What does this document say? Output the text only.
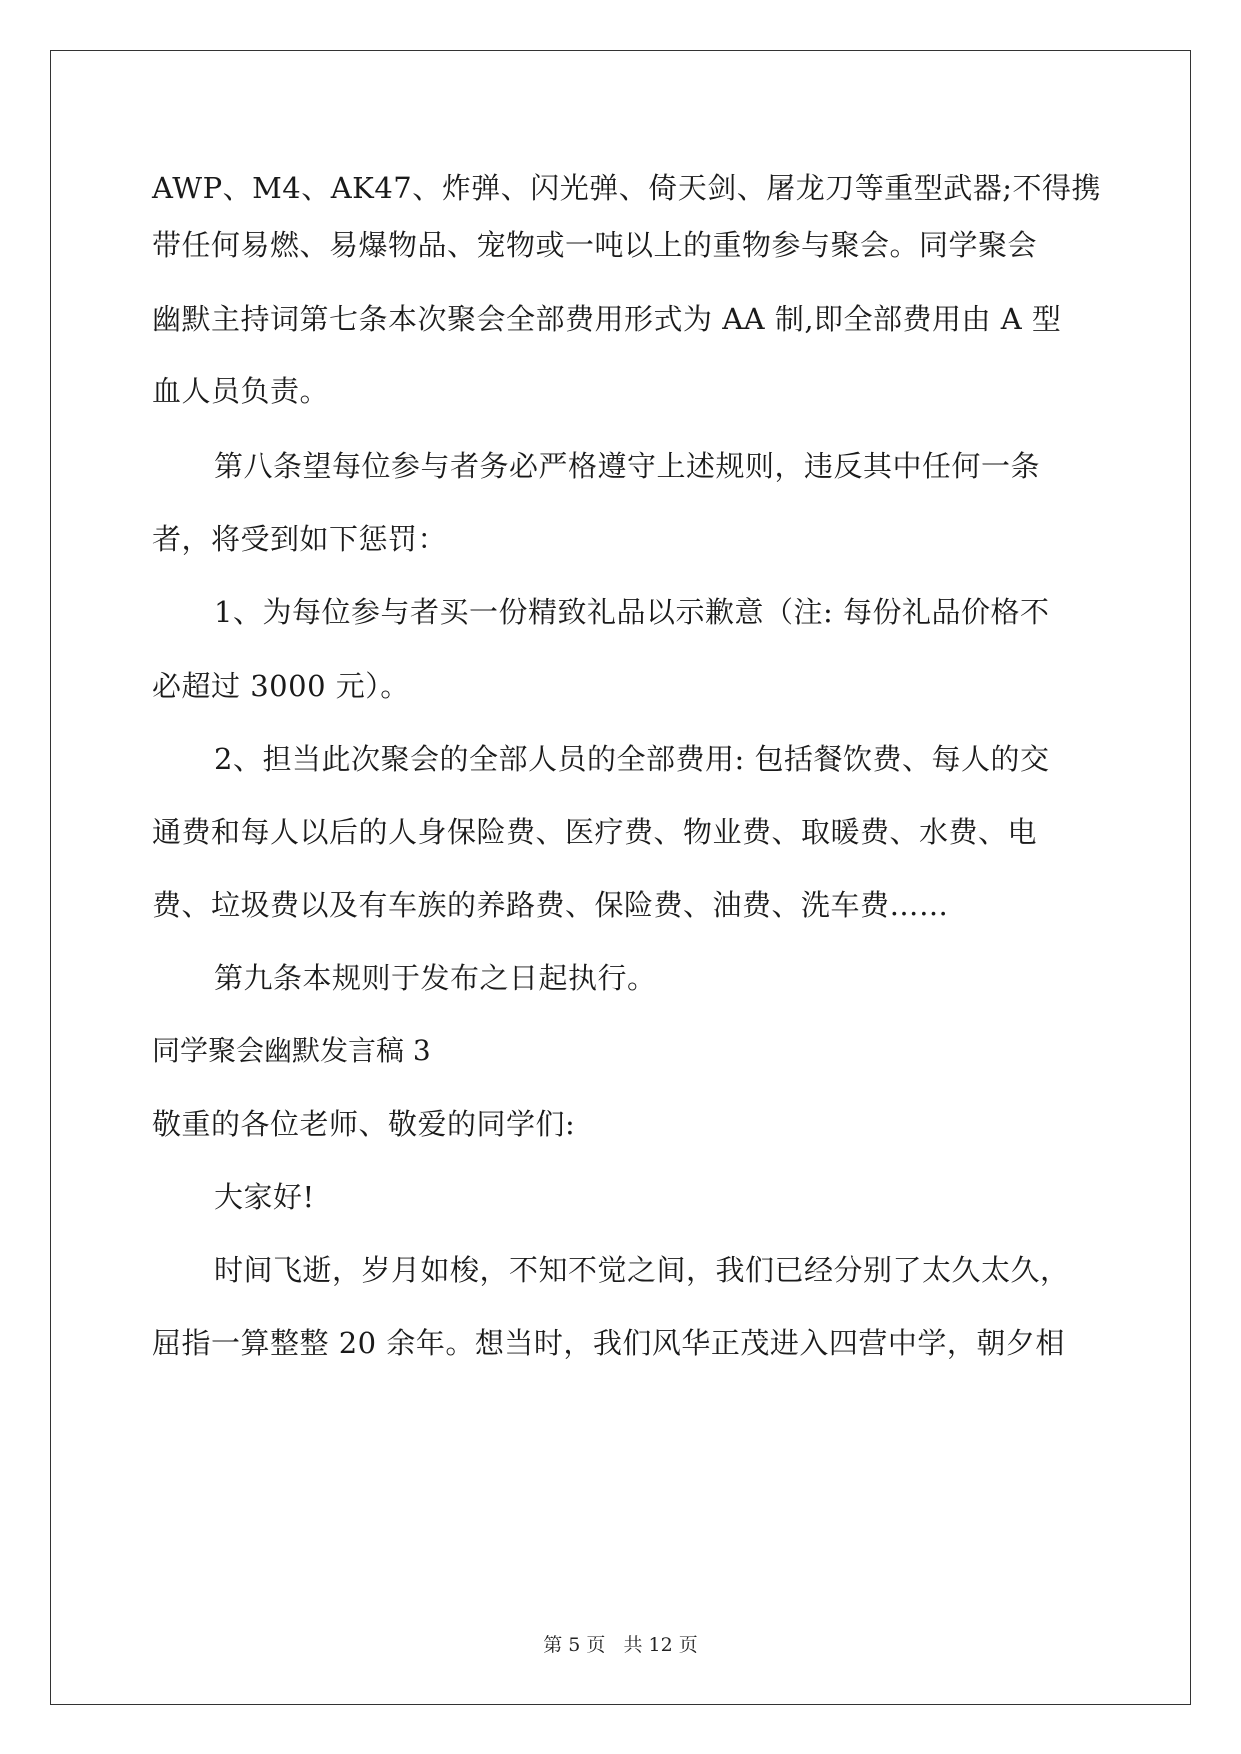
AWP、M4、AK47、炸弹、闪光弹、倚天剑、屠龙刀等重型武器;不得携
带任何易燃、易爆物品、宠物或一吨以上的重物参与聚会。同学聚会
幽默主持词第七条本次聚会全部费用形式为 AA 制,即全部费用由 A 型
血人员负责。
第八条望每位参与者务必严格遵守上述规则，违反其中任何一条
者，将受到如下惩罚：
1、为每位参与者买一份精致礼品以示歉意（注: 每份礼品价格不
必超过 3000 元）。
2、担当此次聚会的全部人员的全部费用: 包括餐饮费、每人的交
通费和每人以后的人身保险费、医疗费、物业费、取暖费、水费、电
费、垃圾费以及有车族的养路费、保险费、油费、洗车费……
第九条本规则于发布之日起执行。
同学聚会幽默发言稿 3
敬重的各位老师、敬爱的同学们:
大家好!
时间飞逝，岁月如梭，不知不觉之间，我们已经分别了太久太久，
屈指一算整整 20 余年。想当时，我们风华正茂进入四营中学，朝夕相
第 5 页 共 12 页
